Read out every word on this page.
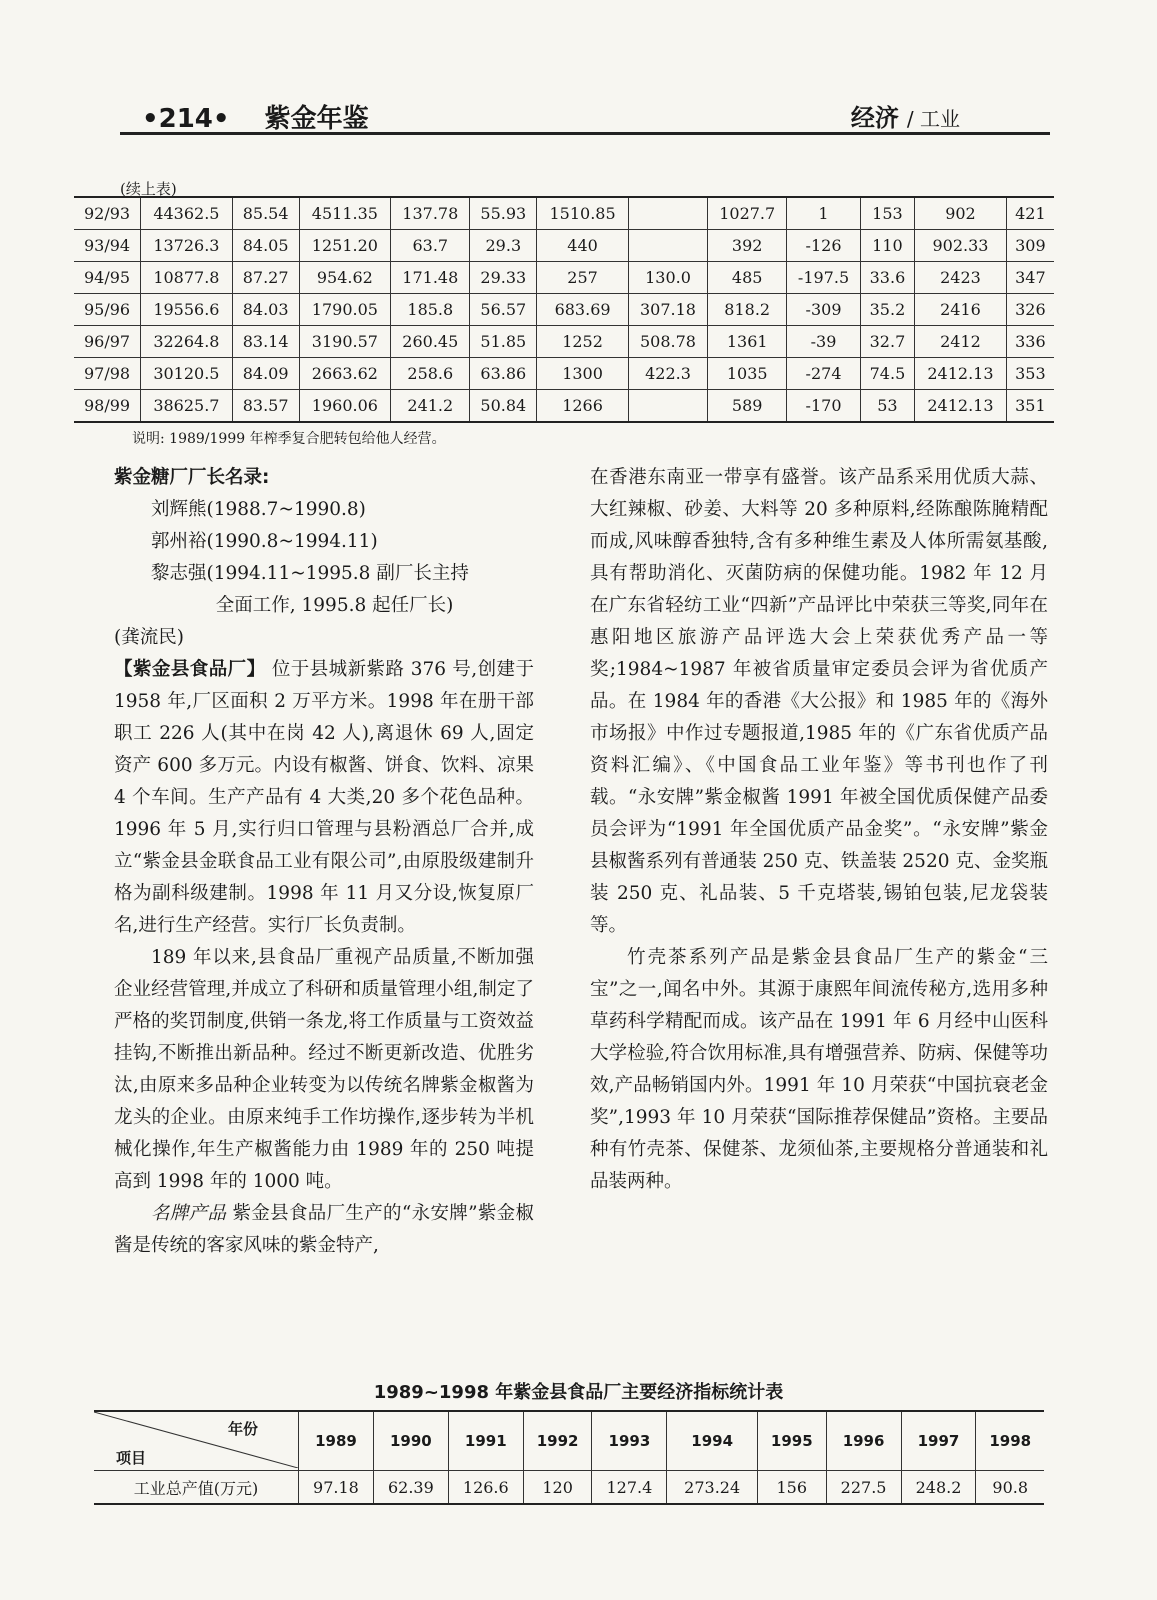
•214• 紫金年鉴	经济 / 工业
(续上表)
92/93	44362.5	85.54	4511.35	137.78	55.93	1510.85		1027.7	1	153	902	421
93/94	13726.3	84.05	1251.20	63.7	29.3	440		392	-126	110	902.33	309
94/95	10877.8	87.27	954.62	171.48	29.33	257	130.0	485	-197.5	33.6	2423	347
95/96	19556.6	84.03	1790.05	185.8	56.57	683.69	307.18	818.2	-309	35.2	2416	326
96/97	32264.8	83.14	3190.57	260.45	51.85	1252	508.78	1361	-39	32.7	2412	336
97/98	30120.5	84.09	2663.62	258.6	63.86	1300	422.3	1035	-274	74.5	2412.13	353
98/99	38625.7	83.57	1960.06	241.2	50.84	1266		589	-170	53	2412.13	351
说明: 1989/1999 年榨季复合肥转包给他人经营。

紫金糖厂厂长名录:

刘辉熊(1988.7~1990.8)
郭州裕(1990.8~1994.11)
黎志强(1994.11~1995.8 副厂长主持
全面工作, 1995.8 起任厂长)

(龚流民)

【紫金县食品厂】 位于县城新紫路 376 号,创建于 1958 年,厂区面积 2 万平方米。1998 年在册干部职工 226 人(其中在岗 42 人),离退休 69 人,固定资产 600 多万元。内设有椒酱、饼食、饮料、凉果 4 个车间。生产产品有 4 大类,20 多个花色品种。1996 年 5 月,实行归口管理与县粉酒总厂合并,成立“紫金县金联食品工业有限公司”,由原股级建制升格为副科级建制。1998 年 11 月又分设,恢复原厂名,进行生产经营。实行厂长负责制。

189 年以来,县食品厂重视产品质量,不断加强企业经营管理,并成立了科研和质量管理小组,制定了严格的奖罚制度,供销一条龙,将工作质量与工资效益挂钩,不断推出新品种。经过不断更新改造、优胜劣汰,由原来多品种企业转变为以传统名牌紫金椒酱为龙头的企业。由原来纯手工作坊操作,逐步转为半机械化操作,年生产椒酱能力由 1989 年的 250 吨提高到 1998 年的 1000 吨。

名牌产品 紫金县食品厂生产的“永安牌”紫金椒酱是传统的客家风味的紫金特产,

在香港东南亚一带享有盛誉。该产品系采用优质大蒜、大红辣椒、砂姜、大料等 20 多种原料,经陈酿陈腌精配而成,风味醇香独特,含有多种维生素及人体所需氨基酸,具有帮助消化、灭菌防病的保健功能。1982 年 12 月在广东省轻纺工业“四新”产品评比中荣获三等奖,同年在惠阳地区旅游产品评选大会上荣获优秀产品一等奖;1984~1987 年被省质量审定委员会评为省优质产品。在 1984 年的香港《大公报》和 1985 年的《海外市场报》中作过专题报道,1985 年的《广东省优质产品资料汇编》、《中国食品工业年鉴》等书刊也作了刊载。“永安牌”紫金椒酱 1991 年被全国优质保健产品委员会评为“1991 年全国优质产品金奖”。“永安牌”紫金县椒酱系列有普通装 250 克、铁盖装 2520 克、金奖瓶装 250 克、礼品装、5 千克塔装,锡铂包装,尼龙袋装等。

竹壳茶系列产品是紫金县食品厂生产的紫金“三宝”之一,闻名中外。其源于康熙年间流传秘方,选用多种草药科学精配而成。该产品在 1991 年 6 月经中山医科大学检验,符合饮用标准,具有增强营养、防病、保健等功效,产品畅销国内外。1991 年 10 月荣获“中国抗衰老金奖”,1993 年 10 月荣获“国际推荐保健品”资格。主要品种有竹壳茶、保健茶、龙须仙茶,主要规格分普通装和礼品装两种。

1989~1998 年紫金县食品厂主要经济指标统计表
年份
项目	1989	1990	1991	1992	1993	1994	1995	1996	1997	1998
工业总产值(万元)	97.18	62.39	126.6	120	127.4	273.24	156	227.5	248.2	90.8
